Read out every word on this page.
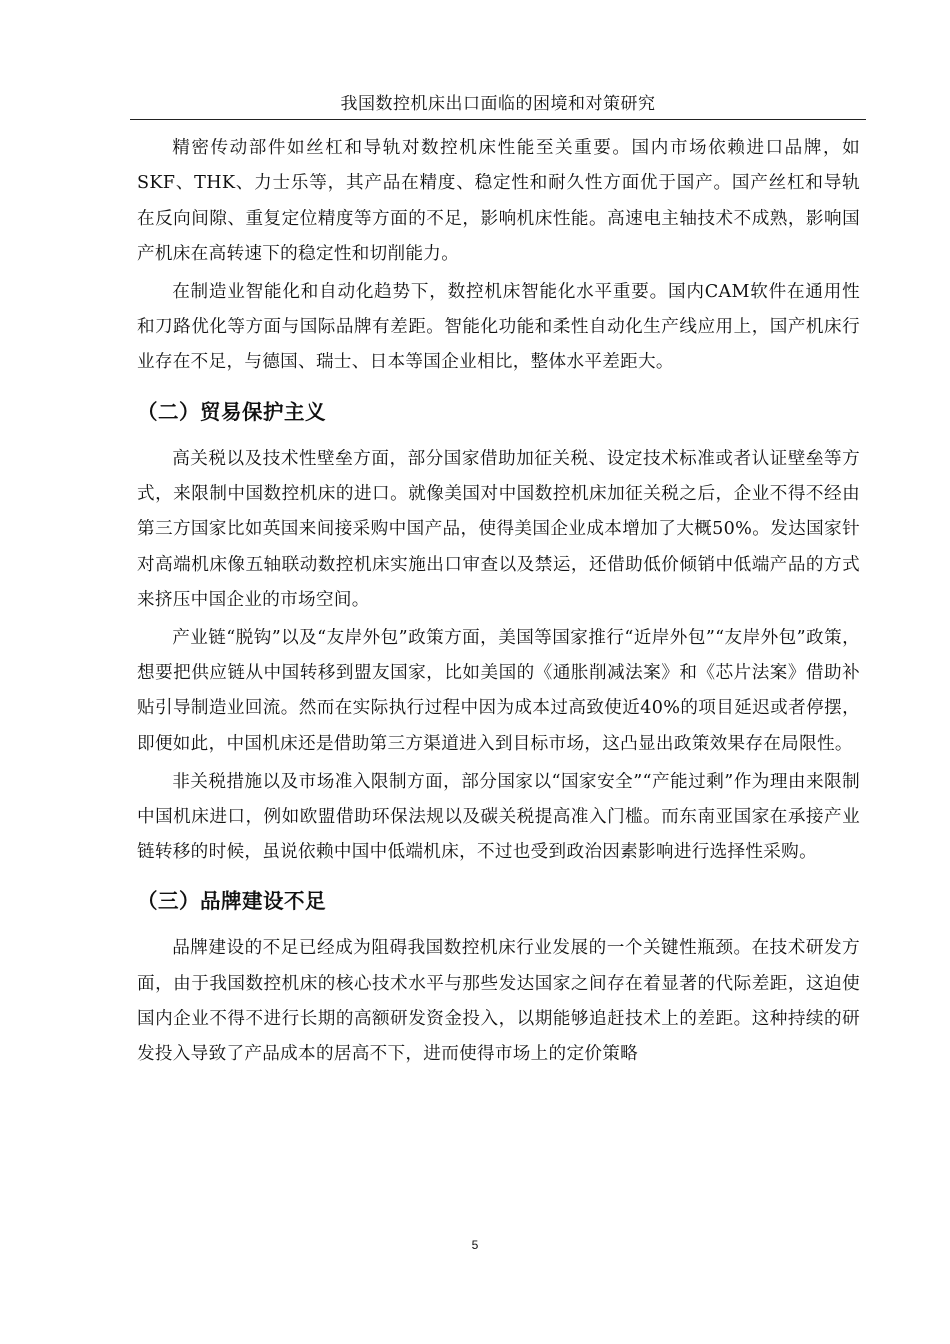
我国数控机床出口面临的困境和对策研究

精密传动部件如丝杠和导轨对数控机床性能至关重要。国内市场依赖进口品牌，如SKF、THK、力士乐等，其产品在精度、稳定性和耐久性方面优于国产。国产丝杠和导轨在反向间隙、重复定位精度等方面的不足，影响机床性能。高速电主轴技术不成熟，影响国产机床在高转速下的稳定性和切削能力。

在制造业智能化和自动化趋势下，数控机床智能化水平重要。国内CAM软件在通用性和刀路优化等方面与国际品牌有差距。智能化功能和柔性自动化生产线应用上，国产机床行业存在不足，与德国、瑞士、日本等国企业相比，整体水平差距大。

（二）贸易保护主义

高关税以及技术性壁垒方面，部分国家借助加征关税、设定技术标准或者认证壁垒等方式，来限制中国数控机床的进口。就像美国对中国数控机床加征关税之后，企业不得不经由第三方国家比如英国来间接采购中国产品，使得美国企业成本增加了大概50%。发达国家针对高端机床像五轴联动数控机床实施出口审查以及禁运，还借助低价倾销中低端产品的方式来挤压中国企业的市场空间。

产业链“脱钩”以及“友岸外包”政策方面，美国等国家推行“近岸外包”“友岸外包”政策，想要把供应链从中国转移到盟友国家，比如美国的《通胀削减法案》和《芯片法案》借助补贴引导制造业回流。然而在实际执行过程中因为成本过高致使近40%的项目延迟或者停摆，即便如此，中国机床还是借助第三方渠道进入到目标市场，这凸显出政策效果存在局限性。

非关税措施以及市场准入限制方面，部分国家以“国家安全”“产能过剩”作为理由来限制中国机床进口，例如欧盟借助环保法规以及碳关税提高准入门槛。而东南亚国家在承接产业链转移的时候，虽说依赖中国中低端机床，不过也受到政治因素影响进行选择性采购。

（三）品牌建设不足

品牌建设的不足已经成为阻碍我国数控机床行业发展的一个关键性瓶颈。在技术研发方面，由于我国数控机床的核心技术水平与那些发达国家之间存在着显著的代际差距，这迫使国内企业不得不进行长期的高额研发资金投入，以期能够追赶技术上的差距。这种持续的研发投入导致了产品成本的居高不下，进而使得市场上的定价策略

5
